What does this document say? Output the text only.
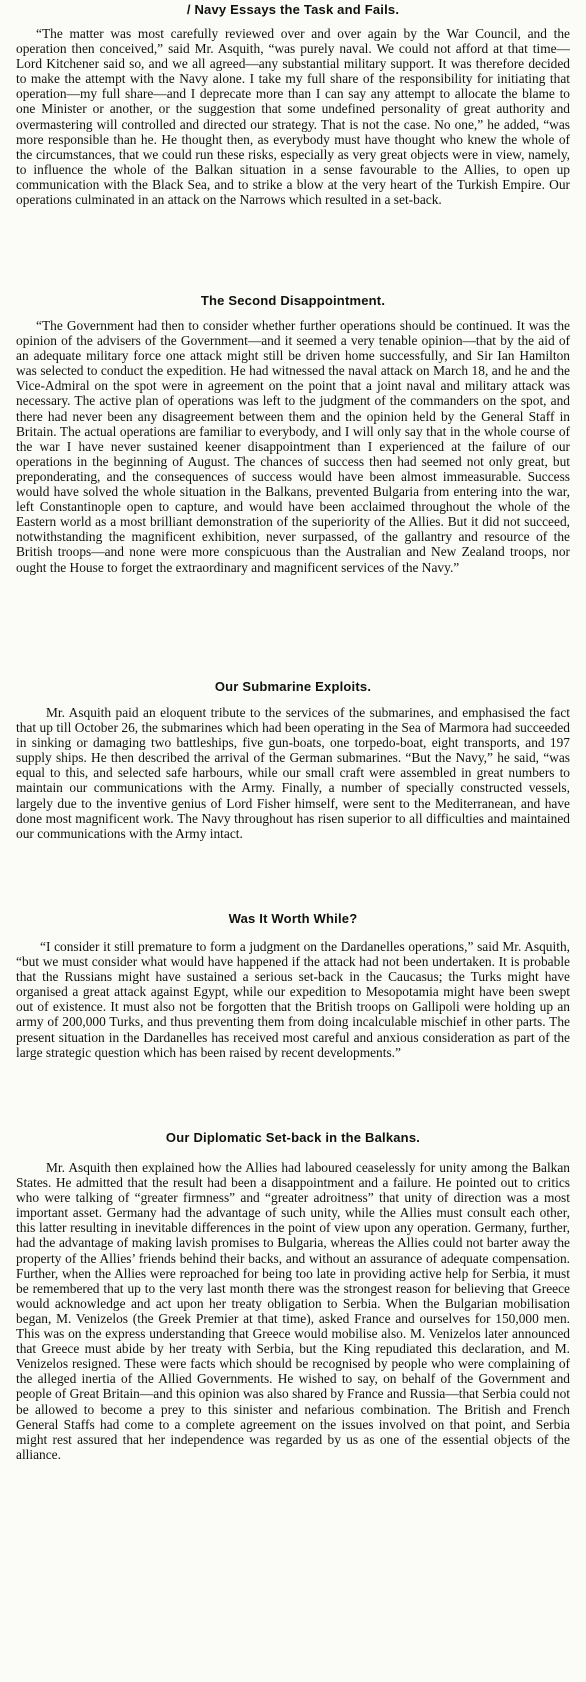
/ Navy Essays the Task and Fails.
“The matter was most carefully reviewed over and over again by the War Council, and the operation then conceived,” said Mr. Asquith, “was purely naval. We could not afford at that time—Lord Kitchener said so, and we all agreed—any substantial military support. It was therefore decided to make the attempt with the Navy alone. I take my full share of the responsibility for initiating that operation—my full share—and I deprecate more than I can say any attempt to allocate the blame to one Minister or another, or the suggestion that some undefined personality of great authority and overmastering will controlled and directed our strategy. That is not the case. No one,” he added, “was more responsible than he. He thought then, as everybody must have thought who knew the whole of the circumstances, that we could run these risks, especially as very great objects were in view, namely, to influence the whole of the Balkan situation in a sense favourable to the Allies, to open up communication with the Black Sea, and to strike a blow at the very heart of the Turkish Empire. Our operations culminated in an attack on the Narrows which resulted in a set-back.
The Second Disappointment.
“The Government had then to consider whether further operations should be continued. It was the opinion of the advisers of the Government—and it seemed a very tenable opinion—that by the aid of an adequate military force one attack might still be driven home successfully, and Sir Ian Hamilton was selected to conduct the expedition. He had witnessed the naval attack on March 18, and he and the Vice-Admiral on the spot were in agreement on the point that a joint naval and military attack was necessary. The active plan of operations was left to the judgment of the commanders on the spot, and there had never been any disagreement between them and the opinion held by the General Staff in Britain. The actual operations are familiar to everybody, and I will only say that in the whole course of the war I have never sustained keener disappointment than I experienced at the failure of our operations in the beginning of August. The chances of success then had seemed not only great, but preponderating, and the consequences of success would have been almost immeasurable. Success would have solved the whole situation in the Balkans, prevented Bulgaria from entering into the war, left Constantinople open to capture, and would have been acclaimed throughout the whole of the Eastern world as a most brilliant demonstration of the superiority of the Allies. But it did not succeed, notwithstanding the magnificent exhibition, never surpassed, of the gallantry and resource of the British troops—and none were more conspicuous than the Australian and New Zealand troops, nor ought the House to forget the extraordinary and magnificent services of the Navy.”
Our Submarine Exploits.
Mr. Asquith paid an eloquent tribute to the services of the submarines, and emphasised the fact that up till October 26, the submarines which had been operating in the Sea of Marmora had succeeded in sinking or damaging two battleships, five gun-boats, one torpedo-boat, eight transports, and 197 supply ships. He then described the arrival of the German submarines. “But the Navy,” he said, “was equal to this, and selected safe harbours, while our small craft were assembled in great numbers to maintain our communications with the Army. Finally, a number of specially constructed vessels, largely due to the inventive genius of Lord Fisher himself, were sent to the Mediterranean, and have done most magnificent work. The Navy throughout has risen superior to all difficulties and maintained our communications with the Army intact.
Was It Worth While?
“I consider it still premature to form a judgment on the Dardanelles operations,” said Mr. Asquith, “but we must consider what would have happened if the attack had not been undertaken. It is probable that the Russians might have sustained a serious set-back in the Caucasus; the Turks might have organised a great attack against Egypt, while our expedition to Mesopotamia might have been swept out of existence. It must also not be forgotten that the British troops on Gallipoli were holding up an army of 200,000 Turks, and thus preventing them from doing incalculable mischief in other parts. The present situation in the Dardanelles has received most careful and anxious consideration as part of the large strategic question which has been raised by recent developments.”
Our Diplomatic Set-back in the Balkans.
Mr. Asquith then explained how the Allies had laboured ceaselessly for unity among the Balkan States. He admitted that the result had been a disappointment and a failure. He pointed out to critics who were talking of “greater firmness” and “greater adroitness” that unity of direction was a most important asset. Germany had the advantage of such unity, while the Allies must consult each other, this latter resulting in inevitable differences in the point of view upon any operation. Germany, further, had the advantage of making lavish promises to Bulgaria, whereas the Allies could not barter away the property of the Allies’ friends behind their backs, and without an assurance of adequate compensation. Further, when the Allies were reproached for being too late in providing active help for Serbia, it must be remembered that up to the very last month there was the strongest reason for believing that Greece would acknowledge and act upon her treaty obligation to Serbia. When the Bulgarian mobilisation began, M. Venizelos (the Greek Premier at that time), asked France and ourselves for 150,000 men. This was on the express understanding that Greece would mobilise also. M. Venizelos later announced that Greece must abide by her treaty with Serbia, but the King repudiated this declaration, and M. Venizelos resigned. These were facts which should be recognised by people who were complaining of the alleged inertia of the Allied Governments. He wished to say, on behalf of the Government and people of Great Britain—and this opinion was also shared by France and Russia—that Serbia could not be allowed to become a prey to this sinister and nefarious combination. The British and French General Staffs had come to a complete agreement on the issues involved on that point, and Serbia might rest assured that her independence was regarded by us as one of the essential objects of the alliance.
